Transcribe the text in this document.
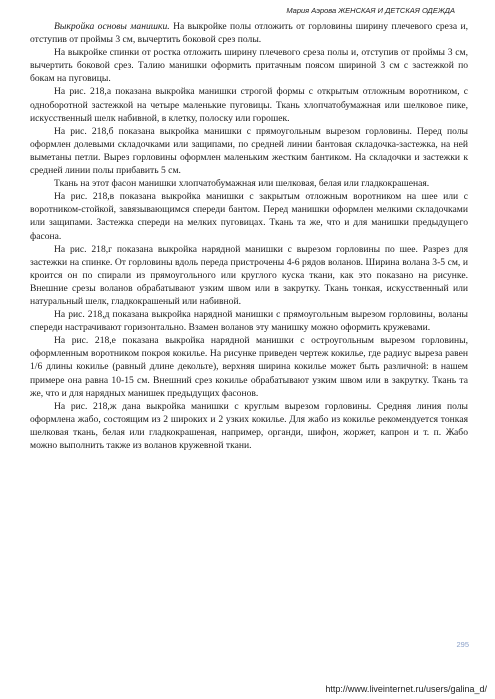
Мария Аэрова ЖЕНСКАЯ И ДЕТСКАЯ ОДЕЖДА

Выкройка основы манишки. На выкройке полы отложить от горловины ширину плечевого среза и, отступив от проймы 3 см, вычертить боковой срез полы.

На выкройке спинки от ростка отложить ширину плечевого среза полы и, отступив от проймы 3 см, вычертить боковой срез. Талию манишки оформить притачным поясом шириной 3 см с застежкой по бокам на пуговицы.

На рис. 218,а показана выкройка манишки строгой формы с открытым отложным воротником, с одноборотной застежкой на четыре маленькие пуговицы. Ткань хлопчатобумажная или шелковое пике, искусственный шелк набивной, в клетку, полоску или горошек.

На рис. 218,б показана выкройка манишки с прямоугольным вырезом горловины. Перед полы оформлен долевыми складочками или защипами, по средней линии бантовая складочка-застежка, на ней выметаны петли. Вырез горловины оформлен маленьким жестким бантиком. На складочки и застежки к средней линии полы прибавить 5 см.

Ткань на этот фасон манишки хлопчатобумажная или шелковая, белая или гладкокрашеная.

На рис. 218,в показана выкройка манишки с закрытым отложным воротником на шее или с воротником-стойкой, завязывающимся спереди бантом. Перед манишки оформлен мелкими складочками или защипами. Застежка спереди на мелких пуговицах. Ткань та же, что и для манишки предыдущего фасона.

На рис. 218,г показана выкройка нарядной манишки с вырезом горловины по шее. Разрез для застежки на спинке. От горловины вдоль переда пристрочены 4-6 рядов воланов. Ширина волана 3-5 см, и кроится он по спирали из прямоугольного или круглого куска ткани, как это показано на рисунке. Внешние срезы воланов обрабатывают узким швом или в закрутку. Ткань тонкая, искусственный или натуральный шелк, гладкокрашеный или набивной.

На рис. 218,д показана выкройка нарядной манишки с прямоугольным вырезом горловины, воланы спереди настрачивают горизонтально. Взамен воланов эту манишку можно оформить кружевами.

На рис. 218,е показана выкройка нарядной манишки с остроугольным вырезом горловины, оформленным воротником покроя кокилье. На рисунке приведен чертеж кокилье, где радиус выреза равен 1/6 длины кокилье (равный длине декольте), верхняя ширина кокилье может быть различной: в нашем примере она равна 10-15 см. Внешний срез кокилье обрабатывают узким швом или в закрутку. Ткань та же, что и для нарядных манишек предыдущих фасонов.

На рис. 218,ж дана выкройка манишки с круглым вырезом горловины. Средняя линия полы оформлена жабо, состоящим из 2 широких и 2 узких кокилье. Для жабо из кокилье рекомендуется тонкая шелковая ткань, белая или гладкокрашеная, например, органди, шифон, жоржет, капрон и т. п. Жабо можно выполнить также из воланов кружевной ткани.

295
http://www.liveinternet.ru/users/galina_d/
